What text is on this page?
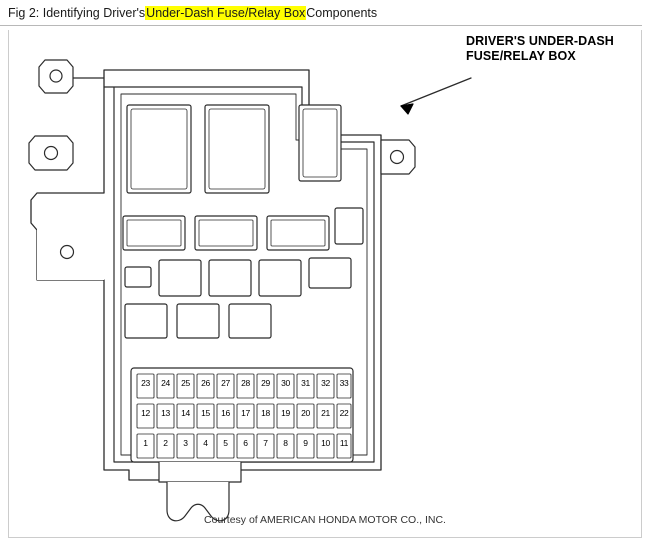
Fig 2: Identifying Driver's Under-Dash Fuse/Relay Box Components
23	24	25	26	27	28	29	30	31	32	33
12	13	14	15	16	17	18	19	20	21	22
1	2	3	4	5	6	7	8	9	10	11
DRIVER'S UNDER-DASH
FUSE/RELAY BOX
Courtesy of AMERICAN HONDA MOTOR CO., INC.
